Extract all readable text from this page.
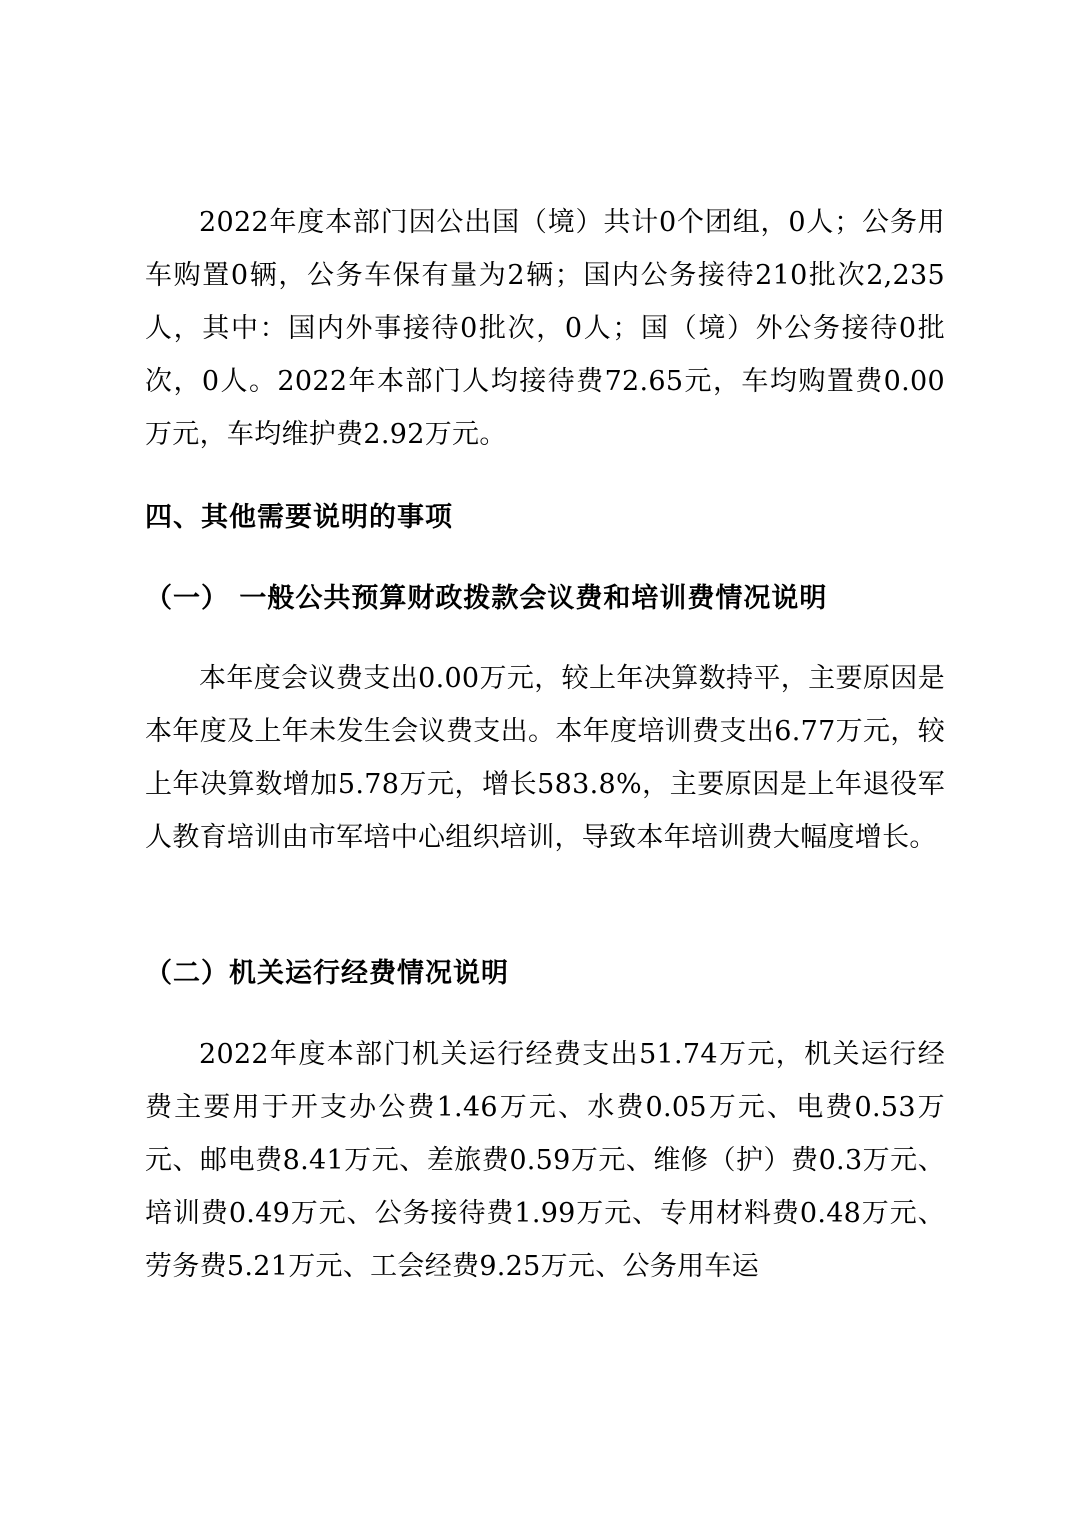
2022年度本部门因公出国（境）共计0个团组，0人；公务用车购置0辆，公务车保有量为2辆；国内公务接待210批次2,235人，其中：国内外事接待0批次，0人；国（境）外公务接待0批次，0人。2022年本部门人均接待费72.65元，车均购置费0.00万元，车均维护费2.92万元。

四、其他需要说明的事项
（一） 一般公共预算财政拨款会议费和培训费情况说明

本年度会议费支出0.00万元，较上年决算数持平，主要原因是本年度及上年未发生会议费支出。本年度培训费支出6.77万元，较上年决算数增加5.78万元，增长583.8%，主要原因是上年退役军人教育培训由市军培中心组织培训，导致本年培训费大幅度增长。

（二）机关运行经费情况说明

2022年度本部门机关运行经费支出51.74万元，机关运行经费主要用于开支办公费1.46万元、水费0.05万元、电费0.53万元、邮电费8.41万元、差旅费0.59万元、维修（护）费0.3万元、培训费0.49万元、公务接待费1.99万元、专用材料费0.48万元、劳务费5.21万元、工会经费9.25万元、公务用车运
